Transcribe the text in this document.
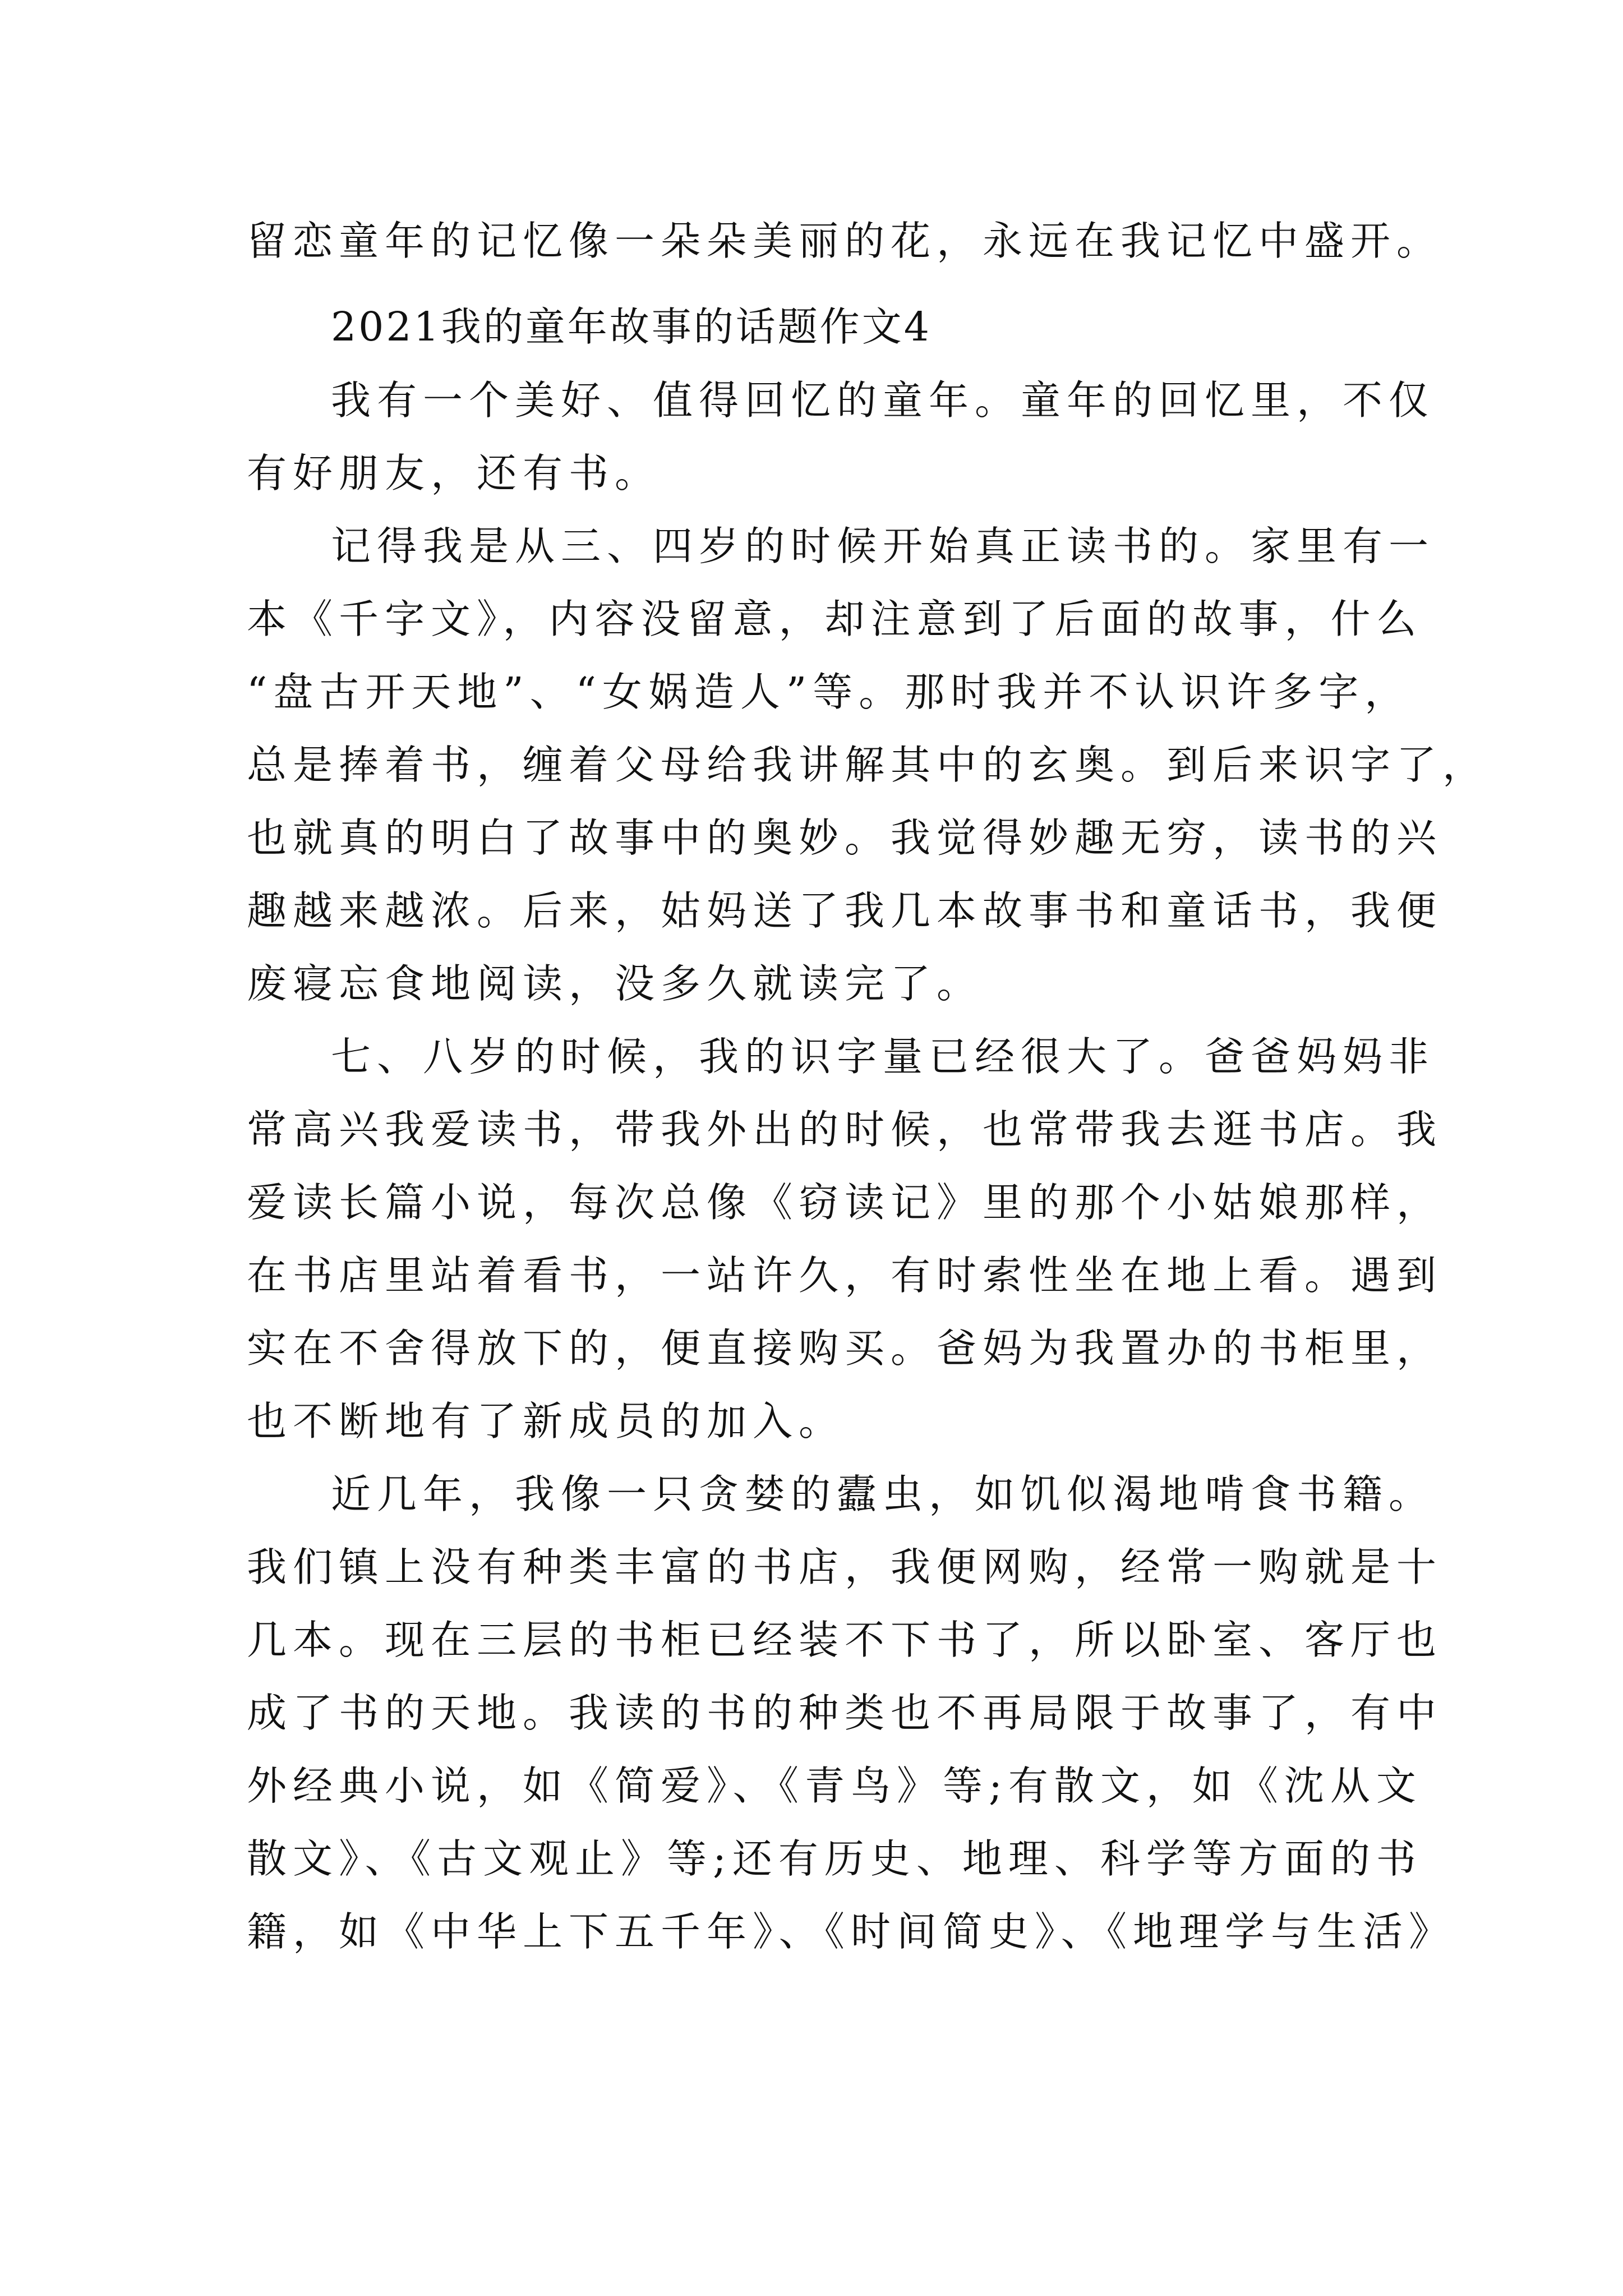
留恋童年的记忆像一朵朵美丽的花，永远在我记忆中盛开。
2021我的童年故事的话题作文4
我有一个美好、值得回忆的童年。童年的回忆里，不仅
有好朋友，还有书。
记得我是从三、四岁的时候开始真正读书的。家里有一
本《千字文》，内容没留意，却注意到了后面的故事，什么
“盘古开天地”、“女娲造人”等。那时我并不认识许多字，
总是捧着书，缠着父母给我讲解其中的玄奥。到后来识字了，
也就真的明白了故事中的奥妙。我觉得妙趣无穷，读书的兴
趣越来越浓。后来，姑妈送了我几本故事书和童话书，我便
废寝忘食地阅读，没多久就读完了。
七、八岁的时候，我的识字量已经很大了。爸爸妈妈非
常高兴我爱读书，带我外出的时候，也常带我去逛书店。我
爱读长篇小说，每次总像《窃读记》里的那个小姑娘那样，
在书店里站着看书，一站许久，有时索性坐在地上看。遇到
实在不舍得放下的，便直接购买。爸妈为我置办的书柜里，
也不断地有了新成员的加入。
近几年，我像一只贪婪的蠹虫，如饥似渴地啃食书籍。
我们镇上没有种类丰富的书店，我便网购，经常一购就是十
几本。现在三层的书柜已经装不下书了，所以卧室、客厅也
成了书的天地。我读的书的种类也不再局限于故事了，有中
外经典小说，如《简爱》、《青鸟》等;有散文，如《沈从文
散文》、《古文观止》等;还有历史、地理、科学等方面的书
籍，如《中华上下五千年》、《时间简史》、《地理学与生活》
